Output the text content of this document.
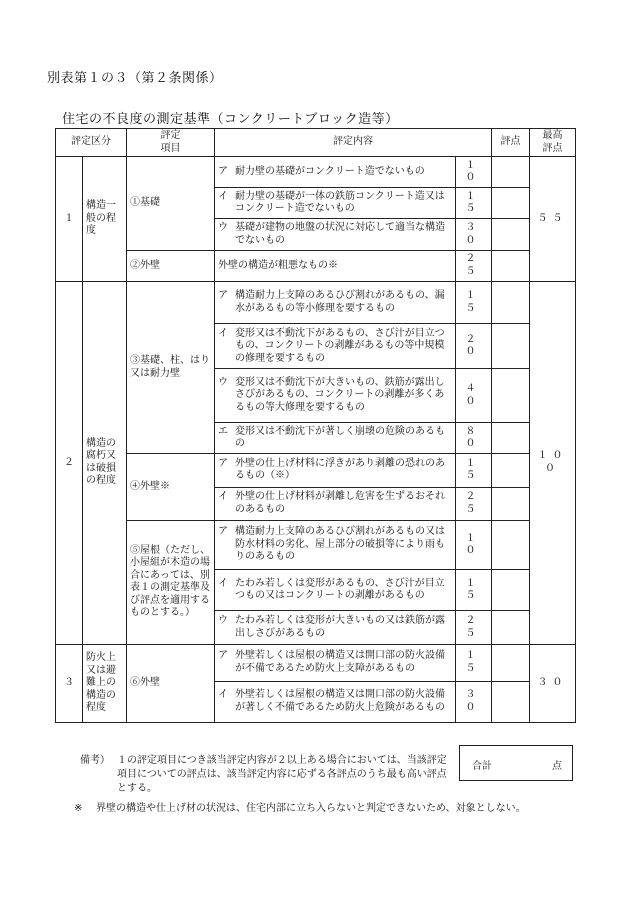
別表第１の３（第２条関係）
住宅の不良度の測定基準（コンクリートブロック造等）
評定区分		評定
項目	評定内容		評点	最高
評点
１	構造一般の程度	①基礎	ア 耐力壁の基礎がコンクリート造でないもの	１０		５５

			イ 耐力壁の基礎が一体の鉄筋コンクリート造又はコンクリート造でないもの	１５		

			ウ 基礎が建物の地盤の状況に対応して適当な構造でないもの	３０		
		②外壁	外壁の構造が粗悪なもの※	２５		
２	構造の腐朽又は破損の程度	③基礎、柱、はり又は耐力壁	ア 構造耐力上支障のあるひび割れがあるもの、漏水があるもの等小修理を要するもの	１５		１００

			イ 変形又は不動沈下があるもの、さび汁が目立つもの、コンクリートの剥離があるもの等中規模の修理を要するもの	２０		

			ウ 変形又は不動沈下が大きいもの、鉄筋が露出しさびがあるもの、コンクリートの剥離が多くあるもの等大修理を要するもの	４０		

			エ 変形又は不動沈下が著しく崩壊の危険のあるもの	８０		
		④外壁※	ア 外壁の仕上げ材料に浮きがあり剥離の恐れのあるもの（※）	１５		

			イ 外壁の仕上げ材料が剥離し危害を生ずるおそれのあるもの	２５		
		⑤屋根（ただし、小屋組が木造の場合にあっては、別表１の測定基準及び評点を適用するものとする。）	ア 構造耐力上支障のあるひび割れがあるもの又は防水材料の劣化、屋上部分の破損等により雨もりのあるもの	１０		

			イ たわみ若しくは変形があるもの、さび汁が目立つもの又はコンクリートの剥離があるもの	１５		

			ウ たわみ若しくは変形が大きいもの又は鉄筋が露出しさびがあるもの	２５		
３	防火上又は避難上の構造の程度	⑥外壁	ア 外壁若しくは屋根の構造又は開口部の防火設備が不備であるため防火上支障があるもの	１５		３０

			イ 外壁若しくは屋根の構造又は開口部の防火設備が著しく不備であるため防火上危険があるもの	３０		
備考） １の評定項目につき該当評定内容が２以上ある場合においては、当該評定項目についての評点は、該当評定内容に応ずる各評点のうち最も高い評点とする。
合計	点
※	界壁の構造や仕上げ材の状況は、住宅内部に立ち入らないと判定できないため、対象としない。
